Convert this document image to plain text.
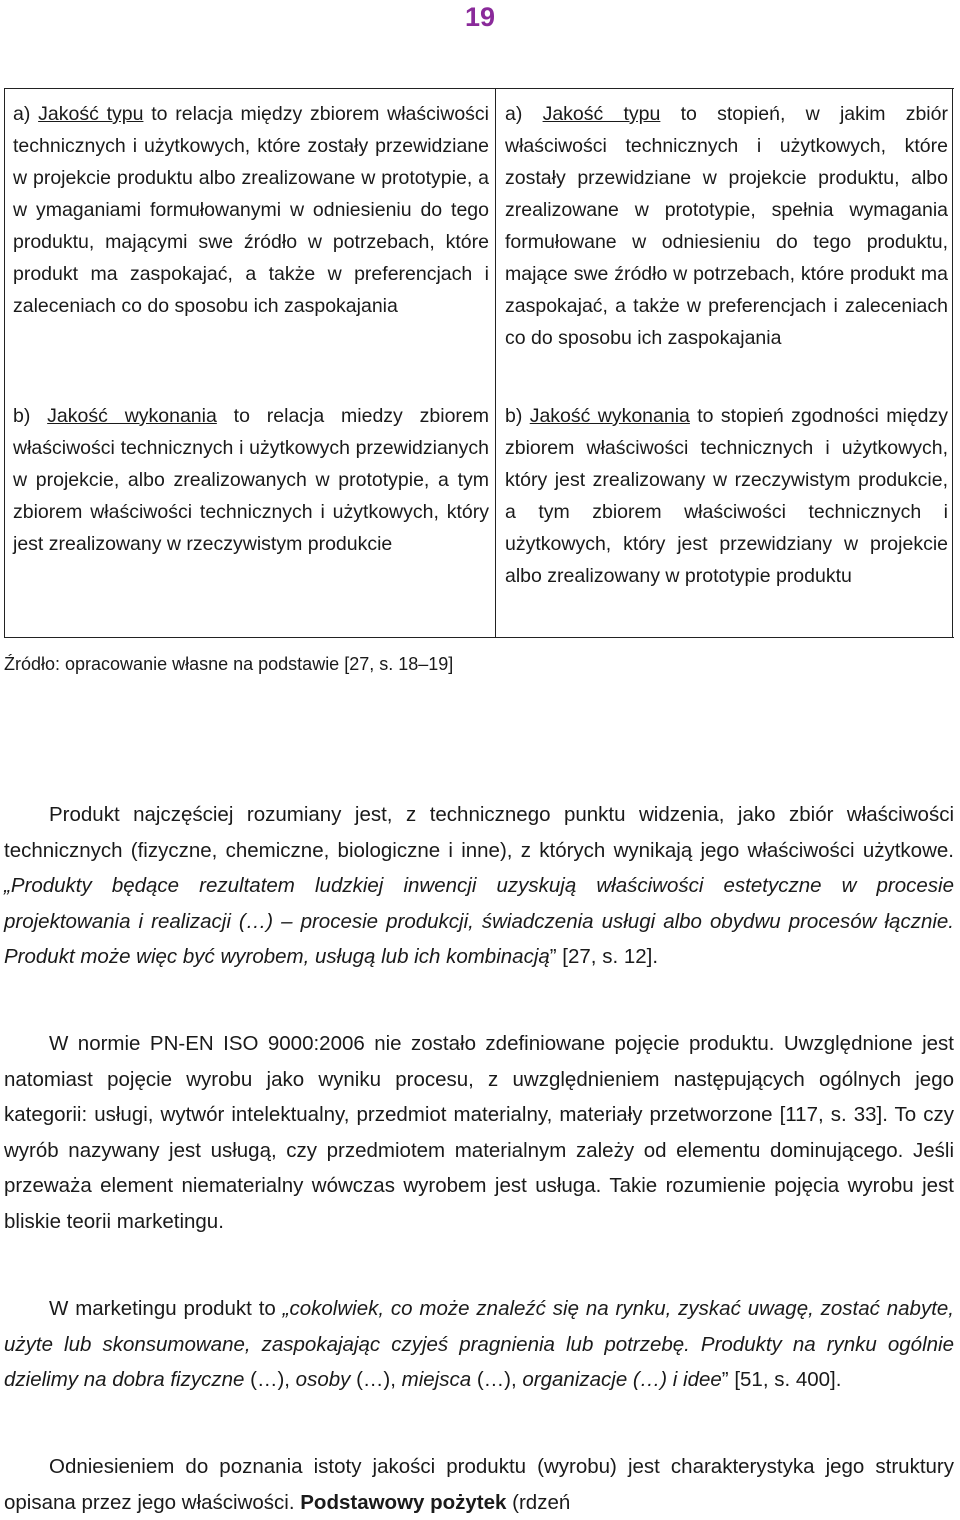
19
a) Jakość typu to relacja między zbiorem właściwości technicznych i użytkowych, które zostały przewidziane w projekcie produktu albo zrealizowane w prototypie, a w ymaganiami formułowanymi w odniesieniu do tego produktu, mającymi swe źródło w potrzebach, które produkt ma zaspokajać, a także w preferencjach i zaleceniach co do sposobu ich zaspokajania
b) Jakość wykonania to relacja miedzy zbiorem właściwości technicznych i użytkowych przewidzianych w projekcie, albo zrealizowanych w prototypie, a tym zbiorem właściwości technicznych i użytkowych, który jest zrealizowany w rzeczywistym produkcie
a) Jakość typu to stopień, w jakim zbiór właściwości technicznych i użytkowych, które zostały przewidziane w projekcie produktu, albo zrealizowane w prototypie, spełnia wymagania formułowane w odniesieniu do tego produktu, mające swe źródło w potrzebach, które produkt ma zaspokajać, a także w preferencjach i zaleceniach co do sposobu ich zaspokajania
b) Jakość wykonania to stopień zgodności między zbiorem właściwości technicznych i użytkowych, który jest zrealizowany w rzeczywistym produkcie, a tym zbiorem właściwości technicznych i użytkowych, który jest przewidziany w projekcie albo zrealizowany w prototypie produktu
Źródło: opracowanie własne na podstawie [27, s. 18–19]
Produkt najczęściej rozumiany jest, z technicznego punktu widzenia, jako zbiór właściwości technicznych (fizyczne, chemiczne, biologiczne i inne), z których wynikają jego właściwości użytkowe. „Produkty będące rezultatem ludzkiej inwencji uzyskują właściwości estetyczne w procesie projektowania i realizacji (…) – procesie produkcji, świadczenia usługi albo obydwu procesów łącznie. Produkt może więc być wyrobem, usługą lub ich kombinacją” [27, s. 12].
W normie PN-EN ISO 9000:2006 nie zostało zdefiniowane pojęcie produktu. Uwzględnione jest natomiast pojęcie wyrobu jako wyniku procesu, z uwzględnieniem następujących ogólnych jego kategorii: usługi, wytwór intelektualny, przedmiot materialny, materiały przetworzone [117, s. 33]. To czy wyrób nazywany jest usługą, czy przedmiotem materialnym zależy od elementu dominującego. Jeśli przeważa element niematerialny wówczas wyrobem jest usługa. Takie rozumienie pojęcia wyrobu jest bliskie teorii marketingu.
W marketingu produkt to „cokolwiek, co może znaleźć się na rynku, zyskać uwagę, zostać nabyte, użyte lub skonsumowane, zaspokajając czyjeś pragnienia lub potrzebę. Produkty na rynku ogólnie dzielimy na dobra fizyczne (…), osoby (…), miejsca (…), organizacje (…) i idee” [51, s. 400].
Odniesieniem do poznania istoty jakości produktu (wyrobu) jest charakterystyka jego struktury opisana przez jego właściwości. Podstawowy pożytek (rdzeń
